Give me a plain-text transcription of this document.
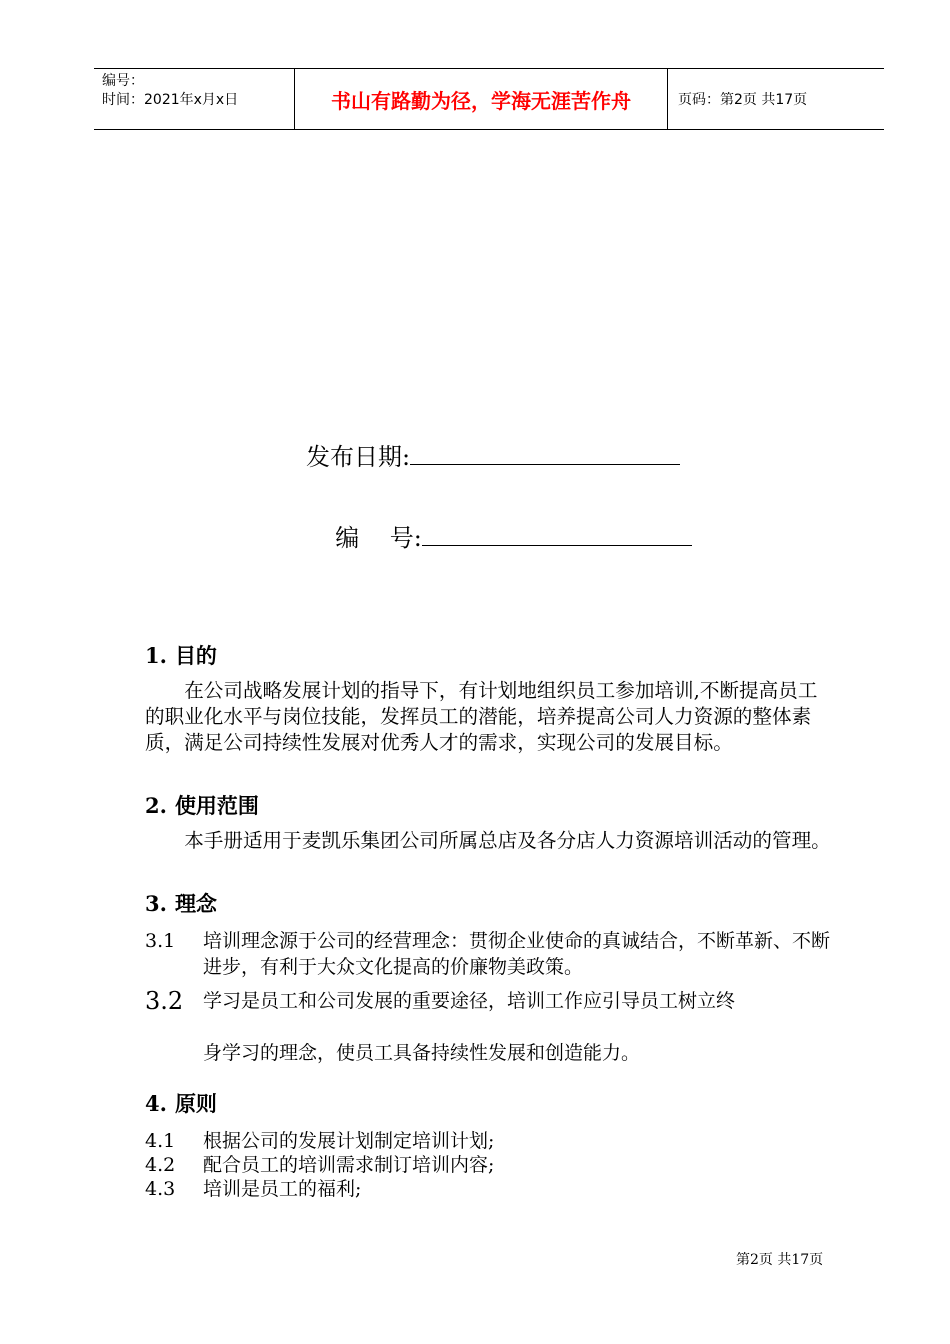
编号：
时间：2021年x月x日	书山有路勤为径，学海无涯苦作舟	页码：第2页 共17页
发布日期:

编    号:

1. 目的
在公司战略发展计划的指导下，有计划地组织员工参加培训,不断提高员工的职业化水平与岗位技能，发挥员工的潜能，培养提高公司人力资源的整体素质，满足公司持续性发展对优秀人才的需求，实现公司的发展目标。
2. 使用范围
本手册适用于麦凯乐集团公司所属总店及各分店人力资源培训活动的管理。
3. 理念
3.1 培训理念源于公司的经营理念：贯彻企业使命的真诚结合，不断革新、不断进步，有利于大众文化提高的价廉物美政策。
3.2 学习是员工和公司发展的重要途径，培训工作应引导员工树立终
身学习的理念，使员工具备持续性发展和创造能力。
4. 原则
4.1 根据公司的发展计划制定培训计划;
4.2 配合员工的培训需求制订培训内容;
4.3 培训是员工的福利;
第2页 共17页
